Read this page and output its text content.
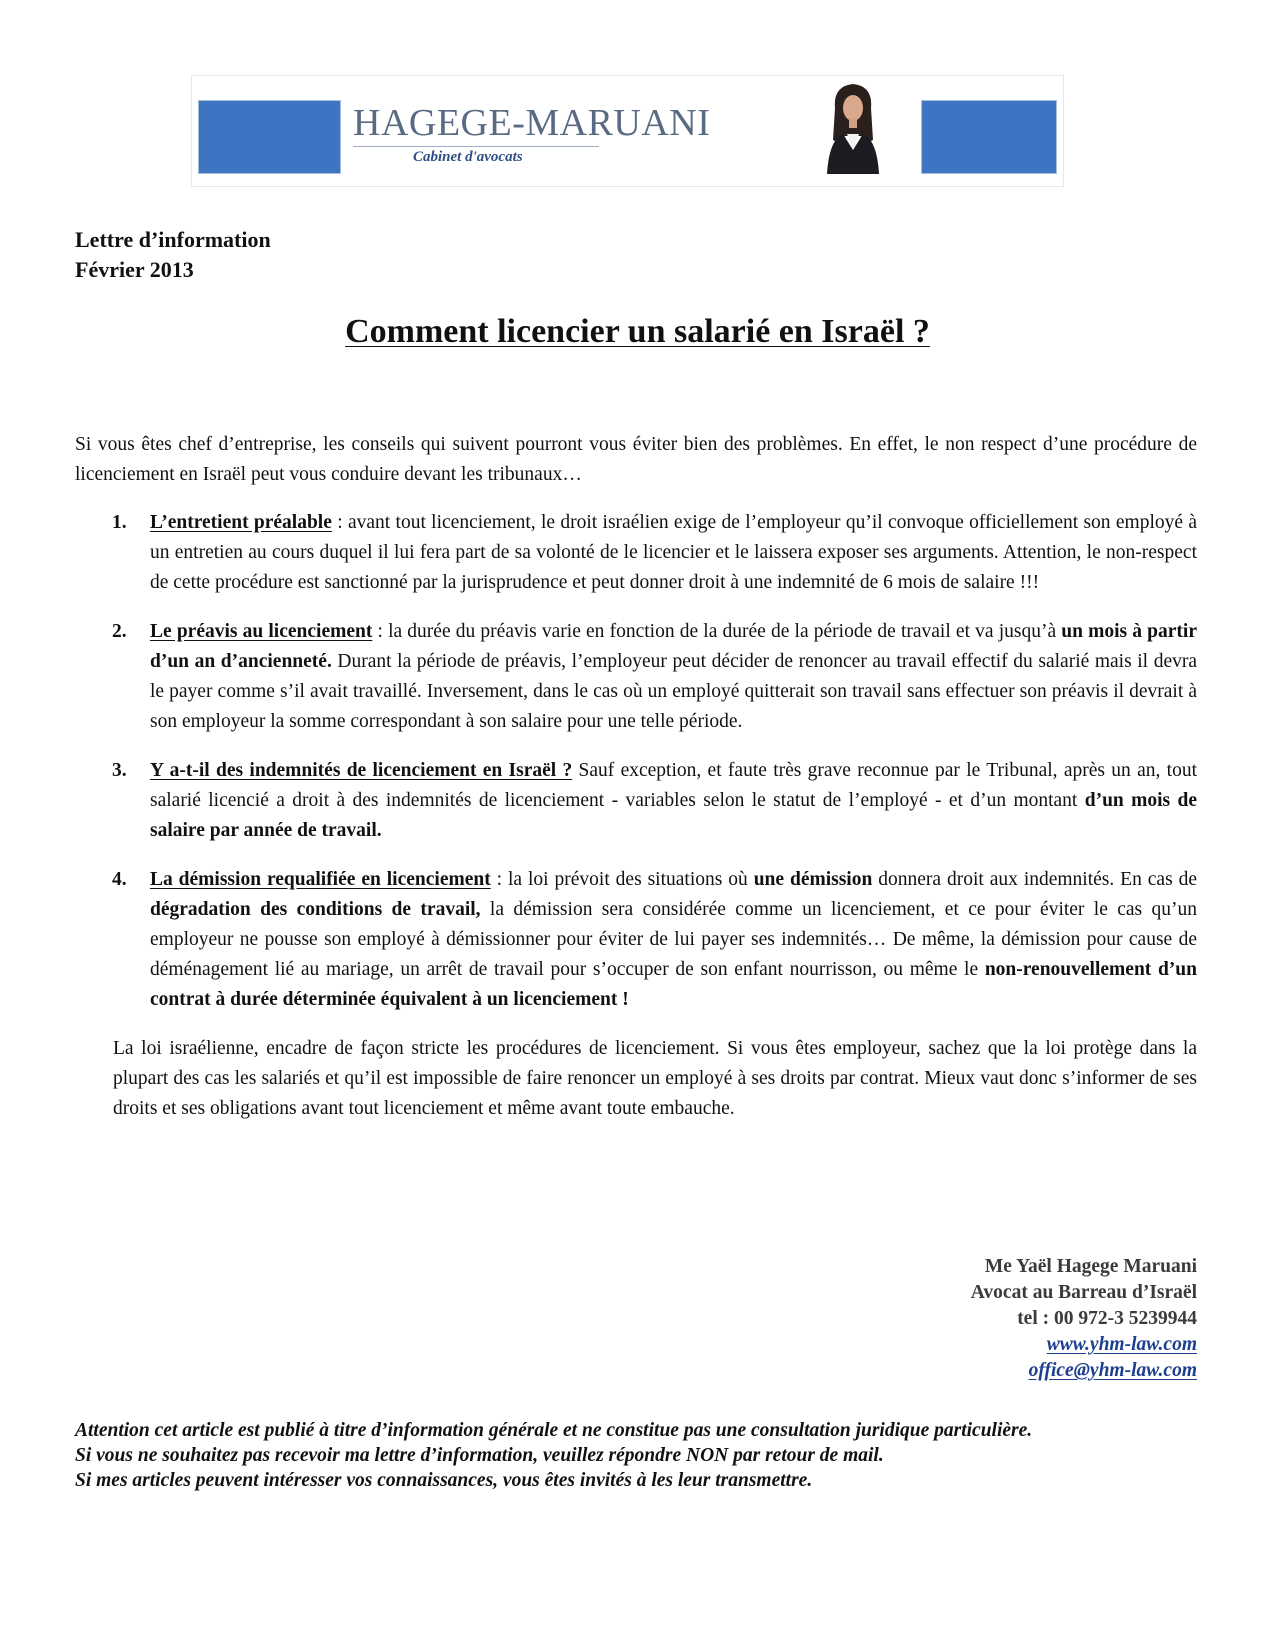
HAGEGE-MARUANI
Cabinet d'avocats
Lettre d’information
Février 2013
Comment licencier un salarié en Israël ?

Si vous êtes chef d’entreprise, les conseils qui suivent pourront vous éviter bien des problèmes. En effet, le non respect d’une procédure de licenciement en Israël peut vous conduire devant les tribunaux…

1. L’entretient préalable : avant tout licenciement, le droit israélien exige de l’employeur qu’il convoque officiellement son employé à un entretien au cours duquel il lui fera part de sa volonté de le licencier et le laissera exposer ses arguments. Attention, le non-respect de cette procédure est sanctionné par la jurisprudence et peut donner droit à une indemnité de 6 mois de salaire !!!
2. Le préavis au licenciement : la durée du préavis varie en fonction de la durée de la période de travail et va jusqu’à un mois à partir d’un an d’ancienneté. Durant la période de préavis, l’employeur peut décider de renoncer au travail effectif du salarié mais il devra le payer comme s’il avait travaillé. Inversement, dans le cas où un employé quitterait son travail sans effectuer son préavis il devrait à son employeur la somme correspondant à son salaire pour une telle période.
3. Y a-t-il des indemnités de licenciement en Israël ? Sauf exception, et faute très grave reconnue par le Tribunal, après un an, tout salarié licencié a droit à des indemnités de licenciement - variables selon le statut de l’employé - et d’un montant d’un mois de salaire par année de travail.
4. La démission requalifiée en licenciement : la loi prévoit des situations où une démission donnera droit aux indemnités. En cas de dégradation des conditions de travail, la démission sera considérée comme un licenciement, et ce pour éviter le cas qu’un employeur ne pousse son employé à démissionner pour éviter de lui payer ses indemnités… De même, la démission pour cause de déménagement lié au mariage, un arrêt de travail pour s’occuper de son enfant nourrisson, ou même le non-renouvellement d’un contrat à durée déterminée équivalent à un licenciement !

La loi israélienne, encadre de façon stricte les procédures de licenciement. Si vous êtes employeur, sachez que la loi protège dans la plupart des cas les salariés et qu’il est impossible de faire renoncer un employé à ses droits par contrat. Mieux vaut donc s’informer de ses droits et ses obligations avant tout licenciement et même avant toute embauche.

Me Yaël Hagege Maruani
Avocat au Barreau d’Israël
tel : 00 972-3 5239944
www.yhm-law.com
office@yhm-law.com
Attention cet article est publié à titre d’information générale et ne constitue pas une consultation juridique particulière.
Si vous ne souhaitez pas recevoir ma lettre d’information, veuillez répondre NON par retour de mail.
Si mes articles peuvent intéresser vos connaissances, vous êtes invités à les leur transmettre.
